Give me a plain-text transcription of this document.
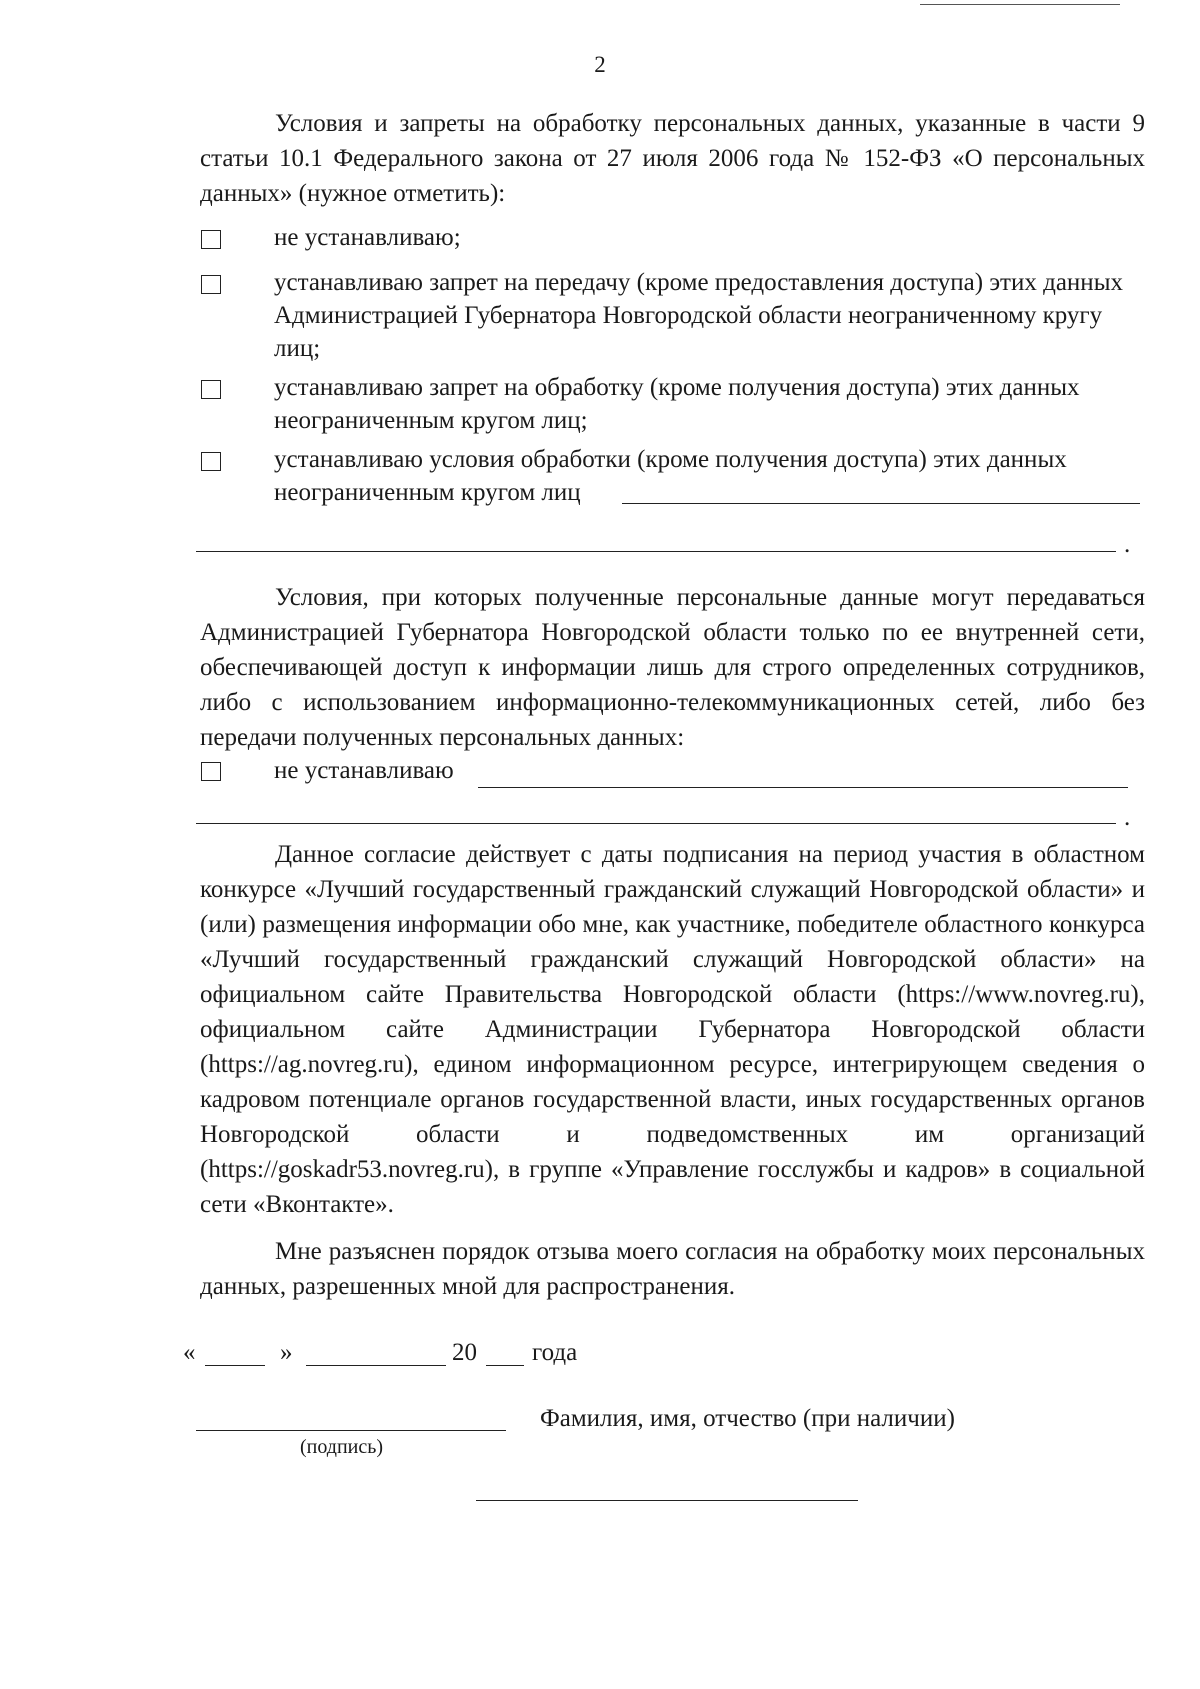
2
Условия и запреты на обработку персональных данных, указанные в части 9 статьи 10.1 Федерального закона от 27 июля 2006 года № 152-ФЗ «О персональных данных» (нужное отметить):
не устанавливаю;
устанавливаю запрет на передачу (кроме предоставления доступа) этих данных Администрацией Губернатора Новгородской области неограниченному кругу лиц;
устанавливаю запрет на обработку (кроме получения доступа) этих данных неограниченным кругом лиц;
устанавливаю условия обработки (кроме получения доступа) этих данных неограниченным кругом лиц
.
Условия, при которых полученные персональные данные могут передаваться Администрацией Губернатора Новгородской области только по ее внутренней сети, обеспечивающей доступ к информации лишь для строго определенных сотрудников, либо с использованием информационно-телекоммуникационных сетей, либо без передачи полученных персональных данных:
не устанавливаю
.
Данное согласие действует с даты подписания на период участия в областном конкурсе «Лучший государственный гражданский служащий Новгородской области» и (или) размещения информации обо мне, как участнике, победителе областного конкурса «Лучший государственный гражданский служащий Новгородской области» на официальном сайте Правительства Новгородской области (https://www.novreg.ru), официальном сайте Администрации Губернатора Новгородской области (https://ag.novreg.ru), едином информационном ресурсе, интегрирующем сведения о кадровом потенциале органов государственной власти, иных государственных органов Новгородской области и подведомственных им организаций (https://goskadr53.novreg.ru), в группе «Управление госслужбы и кадров» в социальной сети «Вконтакте».
Мне разъяснен порядок отзыва моего согласия на обработку моих персональных данных, разрешенных мной для распространения.
«	»	20 года
(подпись)
Фамилия, имя, отчество (при наличии)
